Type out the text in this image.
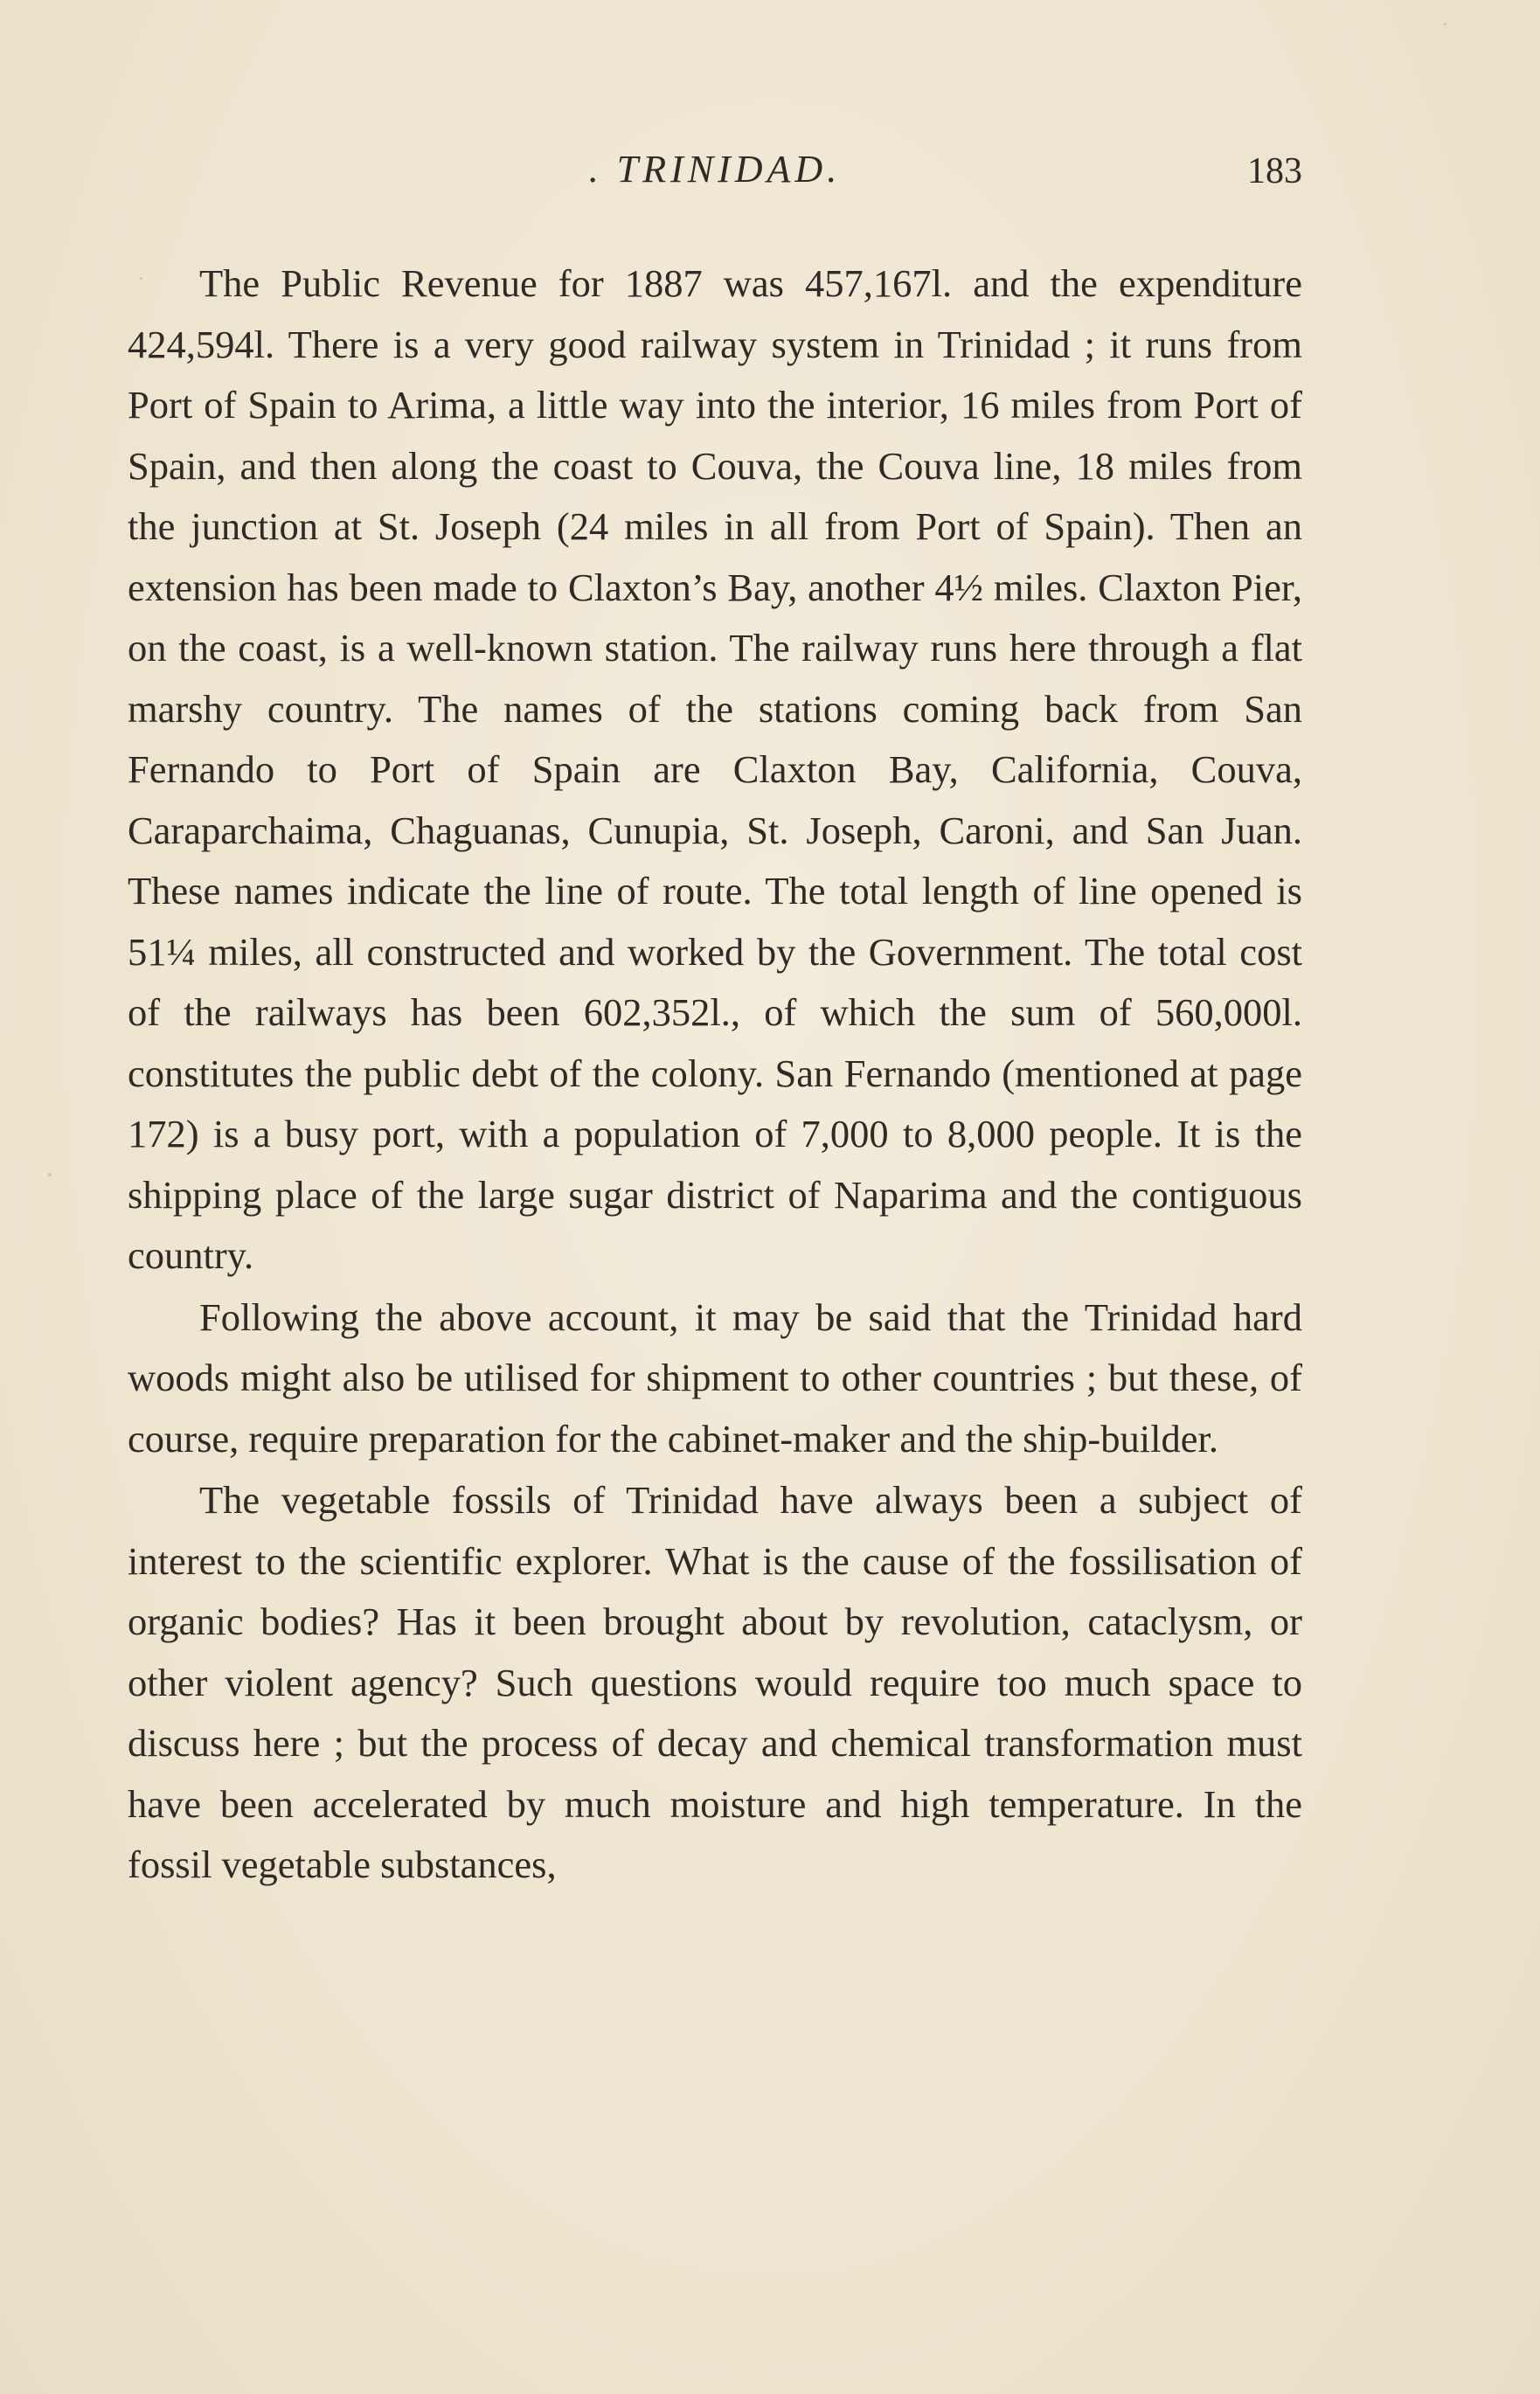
. TRINIDAD.	183

The Public Revenue for 1887 was 457,167l. and the expenditure 424,594l. There is a very good railway system in Trinidad ; it runs from Port of Spain to Arima, a little way into the interior, 16 miles from Port of Spain, and then along the coast to Couva, the Couva line, 18 miles from the junction at St. Joseph (24 miles in all from Port of Spain). Then an extension has been made to Claxton’s Bay, another 4½ miles. Claxton Pier, on the coast, is a well-known station. The railway runs here through a flat marshy country. The names of the stations coming back from San Fernando to Port of Spain are Claxton Bay, California, Couva, Caraparchaima, Chaguanas, Cunupia, St. Joseph, Caroni, and San Juan. These names indicate the line of route. The total length of line opened is 51¼ miles, all constructed and worked by the Government. The total cost of the railways has been 602,352l., of which the sum of 560,000l. constitutes the public debt of the colony. San Fernando (mentioned at page 172) is a busy port, with a population of 7,000 to 8,000 people. It is the shipping place of the large sugar district of Naparima and the contiguous country.

Following the above account, it may be said that the Trinidad hard woods might also be utilised for shipment to other countries ; but these, of course, require preparation for the cabinet-maker and the ship-builder.

The vegetable fossils of Trinidad have always been a subject of interest to the scientific explorer. What is the cause of the fossilisation of organic bodies? Has it been brought about by revolution, cataclysm, or other violent agency? Such questions would require too much space to discuss here ; but the process of decay and chemical transformation must have been accelerated by much moisture and high temperature. In the fossil vegetable substances,
